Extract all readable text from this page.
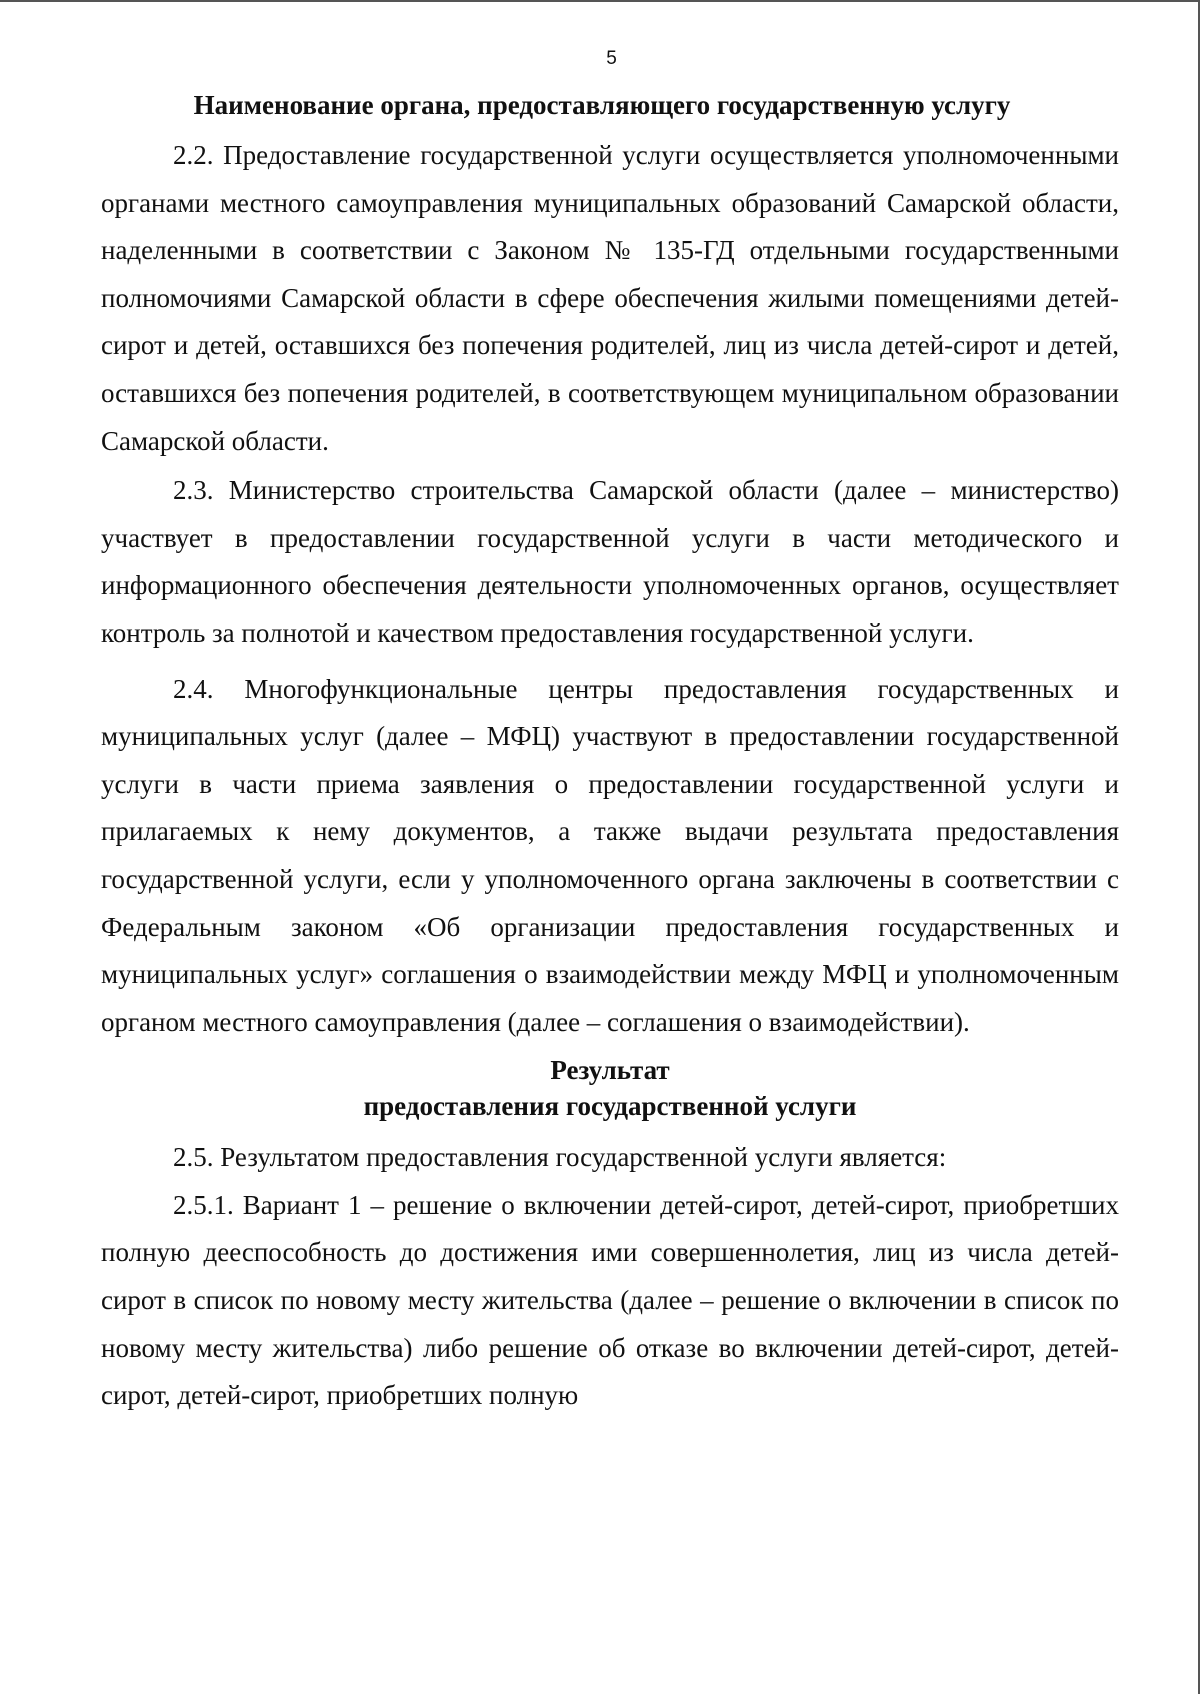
5
Наименование органа, предоставляющего государственную услугу

2.2. Предоставление государственной услуги осуществляется уполномоченными органами местного самоуправления муниципальных образований Самарской области, наделенными в соответствии с Законом № 135-ГД отдельными государственными полномочиями Самарской области в сфере обеспечения жилыми помещениями детей-сирот и детей, оставшихся без попечения родителей, лиц из числа детей-сирот и детей, оставшихся без попечения родителей, в соответствующем муниципальном образовании Самарской области.

2.3. Министерство строительства Самарской области (далее – министерство) участвует в предоставлении государственной услуги в части методического и информационного обеспечения деятельности уполномоченных органов, осуществляет контроль за полнотой и качеством предоставления государственной услуги.

2.4. Многофункциональные центры предоставления государственных и муниципальных услуг (далее – МФЦ) участвуют в предоставлении государственной услуги в части приема заявления о предоставлении государственной услуги и прилагаемых к нему документов, а также выдачи результата предоставления государственной услуги, если у уполномоченного органа заключены в соответствии с Федеральным законом «Об организации предоставления государственных и муниципальных услуг» соглашения о взаимодействии между МФЦ и уполномоченным органом местного самоуправления (далее – соглашения о взаимодействии).

Результат
предоставления государственной услуги

2.5. Результатом предоставления государственной услуги является:

2.5.1. Вариант 1 – решение о включении детей-сирот, детей-сирот, приобретших полную дееспособность до достижения ими совершеннолетия, лиц из числа детей-сирот в список по новому месту жительства (далее – решение о включении в список по новому месту жительства) либо решение об отказе во включении детей-сирот, детей-сирот, детей-сирот, приобретших полную
